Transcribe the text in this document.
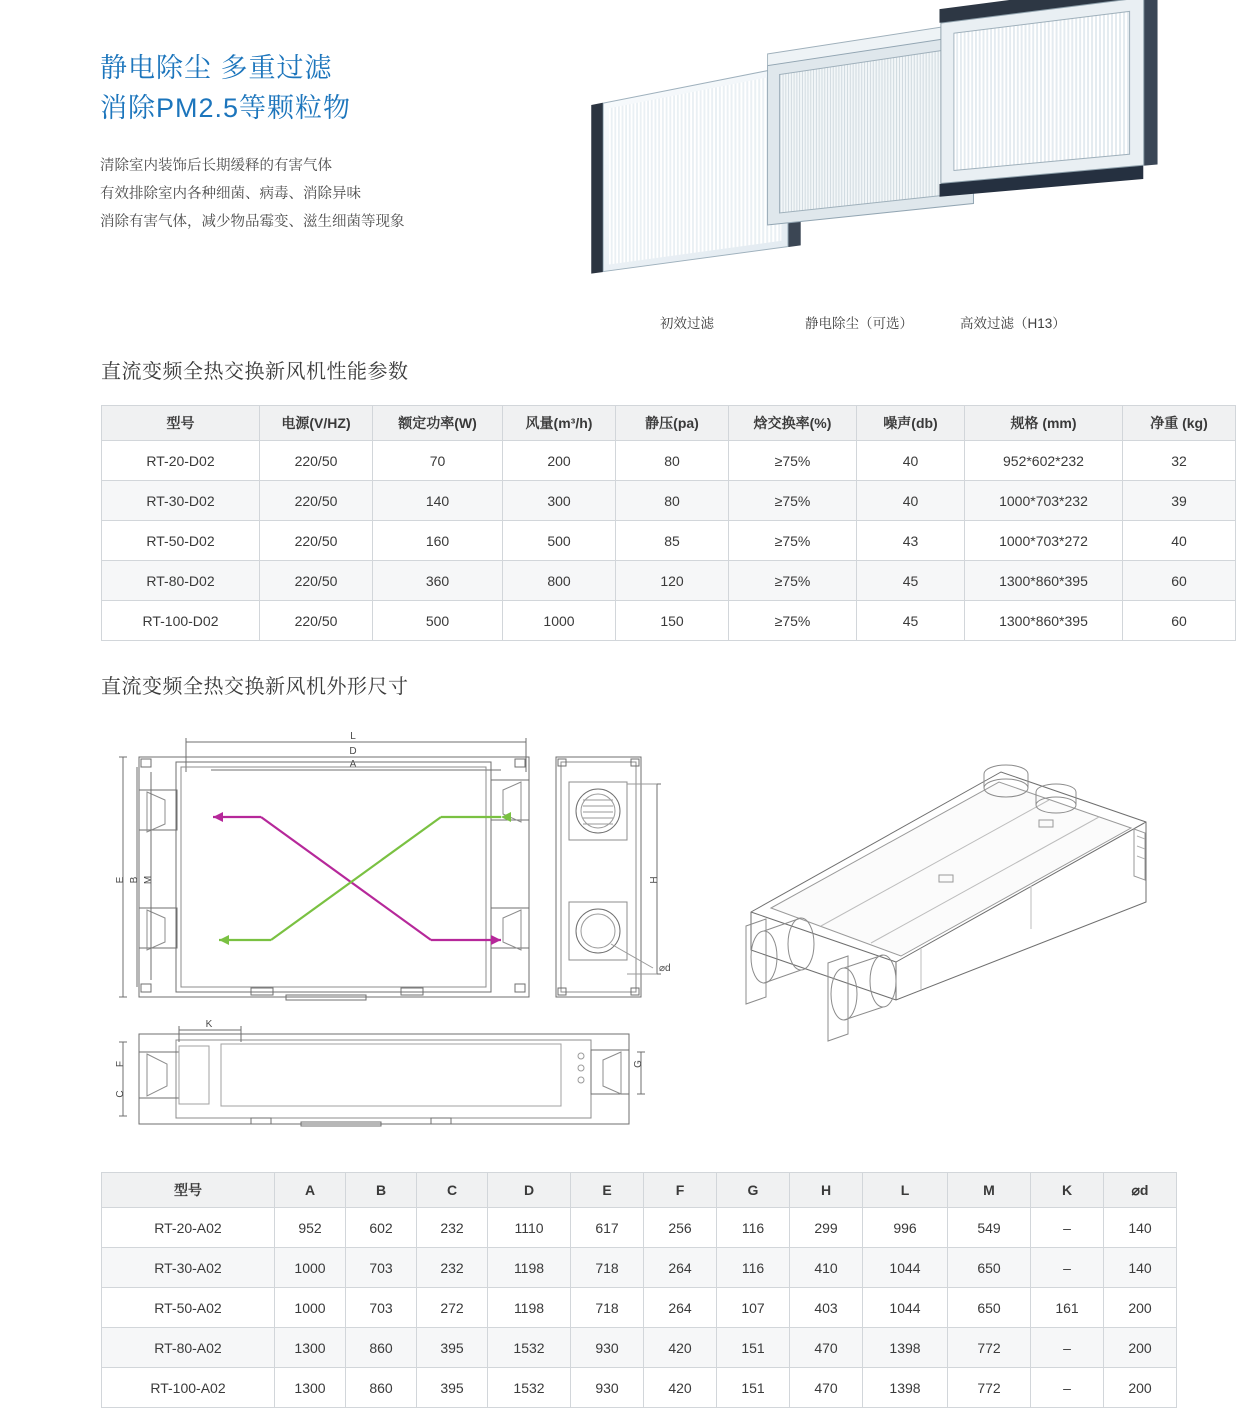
静电除尘 多重过滤
消除PM2.5等颗粒物
清除室内装饰后长期缓释的有害气体
有效排除室内各种细菌、病毒、消除异味
消除有害气体，减少物品霉变、滋生细菌等现象
初效过滤	静电除尘（可选）	高效过滤（H13）
直流变频全热交换新风机性能参数
型号	电源(V/HZ)	额定功率(W)	风量(m³/h)	静压(pa)	焓交换率(%)	噪声(db)	规格 (mm)	净重 (kg)
RT-20-D02	220/50	70	200	80	≥75%	40	952*602*232	32
RT-30-D02	220/50	140	300	80	≥75%	40	1000*703*232	39
RT-50-D02	220/50	160	500	85	≥75%	43	1000*703*272	40
RT-80-D02	220/50	360	800	120	≥75%	45	1300*860*395	60
RT-100-D02	220/50	500	1000	150	≥75%	45	1300*860*395	60
直流变频全热交换新风机外形尺寸
L
D
A
E B M	H
⌀d
F
C
K
G
型号	A	B	C	D	E	F	G	H	L	M	K	⌀d
RT-20-A02	952	602	232	1110	617	256	116	299	996	549	–	140
RT-30-A02	1000	703	232	1198	718	264	116	410	1044	650	–	140
RT-50-A02	1000	703	272	1198	718	264	107	403	1044	650	161	200
RT-80-A02	1300	860	395	1532	930	420	151	470	1398	772	–	200
RT-100-A02	1300	860	395	1532	930	420	151	470	1398	772	–	200
